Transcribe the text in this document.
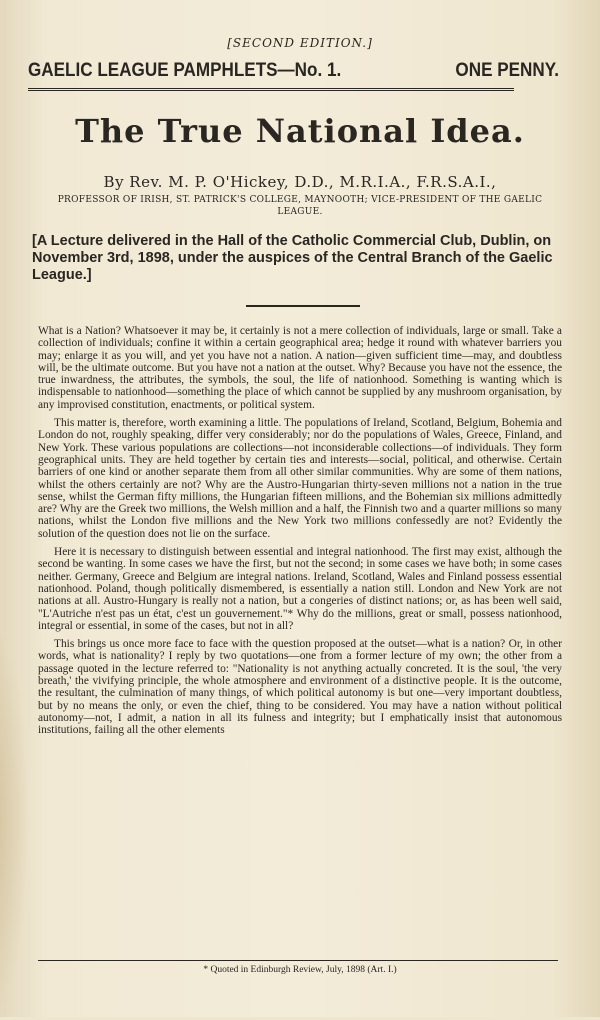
[SECOND EDITION.]
GAELIC LEAGUE PAMPHLETS—No. 1.	ONE PENNY.
The True National Idea.
By Rev. M. P. O'Hickey, D.D., M.R.I.A., F.R.S.A.I.,
PROFESSOR OF IRISH, ST. PATRICK'S COLLEGE, MAYNOOTH; VICE-PRESIDENT OF THE GAELIC LEAGUE.
[A Lecture delivered in the Hall of the Catholic Commercial Club, Dublin, on November 3rd, 1898, under the auspices of the Central Branch of the Gaelic League.]

What is a Nation? Whatsoever it may be, it certainly is not a mere collection of individuals, large or small. Take a collection of individuals; confine it within a certain geographical area; hedge it round with whatever barriers you may; enlarge it as you will, and yet you have not a nation. A nation—given sufficient time—may, and doubtless will, be the ultimate outcome. But you have not a nation at the outset. Why? Because you have not the essence, the true inwardness, the attributes, the symbols, the soul, the life of nationhood. Something is wanting which is indispensable to nationhood—something the place of which cannot be supplied by any mushroom organisation, by any improvised constitution, enactments, or political system.

This matter is, therefore, worth examining a little. The populations of Ireland, Scotland, Belgium, Bohemia and London do not, roughly speaking, differ very considerably; nor do the populations of Wales, Greece, Finland, and New York. These various populations are collections—not inconsiderable collections—of individuals. They form geographical units. They are held together by certain ties and interests—social, political, and otherwise. Certain barriers of one kind or another separate them from all other similar communities. Why are some of them nations, whilst the others certainly are not? Why are the Austro-Hungarian thirty-seven millions not a nation in the true sense, whilst the German fifty millions, the Hungarian fifteen millions, and the Bohemian six millions admittedly are? Why are the Greek two millions, the Welsh million and a half, the Finnish two and a quarter millions so many nations, whilst the London five millions and the New York two millions confessedly are not? Evidently the solution of the question does not lie on the surface.

Here it is necessary to distinguish between essential and integral nationhood. The first may exist, although the second be wanting. In some cases we have the first, but not the second; in some cases we have both; in some cases neither. Germany, Greece and Belgium are integral nations. Ireland, Scotland, Wales and Finland possess essential nationhood. Poland, though politically dismembered, is essentially a nation still. London and New York are not nations at all. Austro-Hungary is really not a nation, but a congeries of distinct nations; or, as has been well said, "L'Autriche n'est pas un état, c'est un gouvernement."* Why do the millions, great or small, possess nationhood, integral or essential, in some of the cases, but not in all?

This brings us once more face to face with the question proposed at the outset—what is a nation? Or, in other words, what is nationality? I reply by two quotations—one from a former lecture of my own; the other from a passage quoted in the lecture referred to: "Nationality is not anything actually concreted. It is the soul, 'the very breath,' the vivifying principle, the whole atmosphere and environment of a distinctive people. It is the outcome, the resultant, the culmination of many things, of which political autonomy is but one—very important doubtless, but by no means the only, or even the chief, thing to be considered. You may have a nation without political autonomy—not, I admit, a nation in all its fulness and integrity; but I emphatically insist that autonomous institutions, failing all the other elements

* Quoted in Edinburgh Review, July, 1898 (Art. I.)
